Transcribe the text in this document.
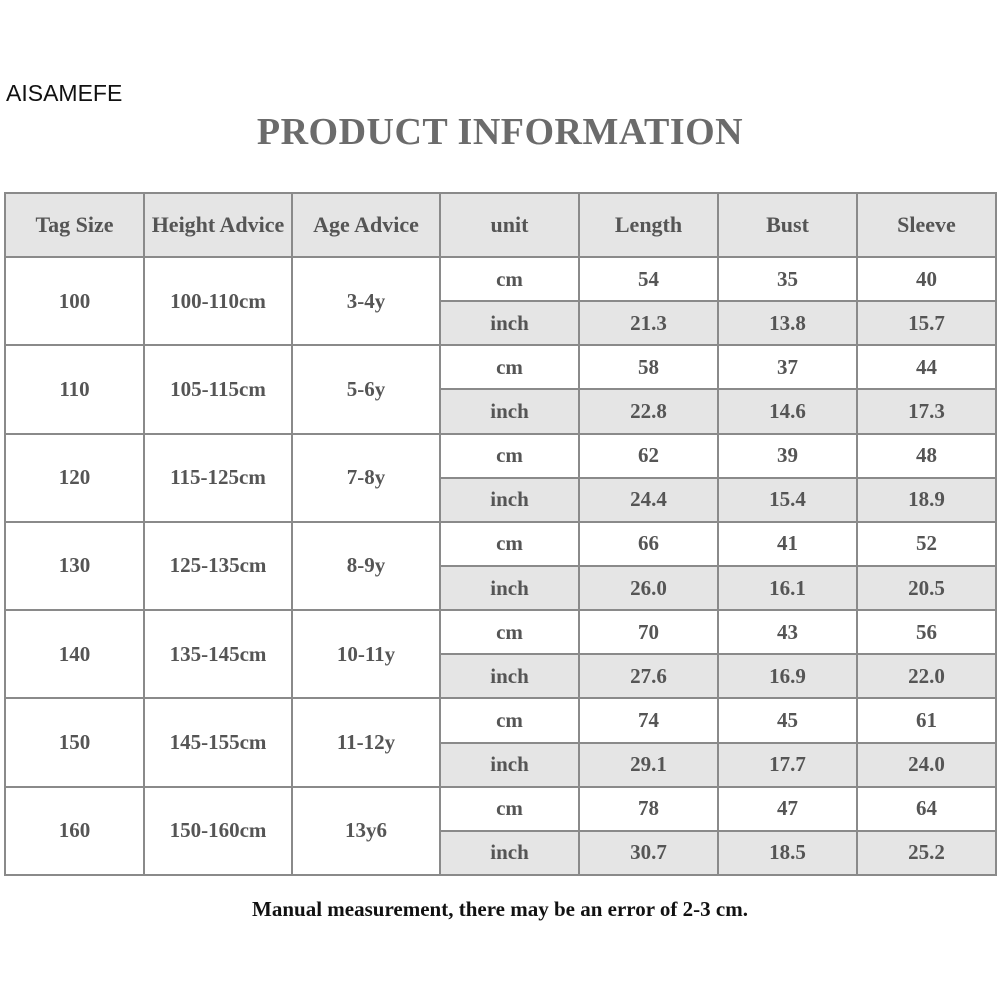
AISAMEFE
PRODUCT INFORMATION
Tag Size	Height Advice	Age Advice	unit	Length	Bust	Sleeve
100	100-110cm	3-4y	cm	54	35	40
			inch	21.3	13.8	15.7
110	105-115cm	5-6y	cm	58	37	44
			inch	22.8	14.6	17.3
120	115-125cm	7-8y	cm	62	39	48
			inch	24.4	15.4	18.9
130	125-135cm	8-9y	cm	66	41	52
			inch	26.0	16.1	20.5
140	135-145cm	10-11y	cm	70	43	56
			inch	27.6	16.9	22.0
150	145-155cm	11-12y	cm	74	45	61
			inch	29.1	17.7	24.0
160	150-160cm	13y6	cm	78	47	64
			inch	30.7	18.5	25.2
Manual measurement, there may be an error of 2-3 cm.
